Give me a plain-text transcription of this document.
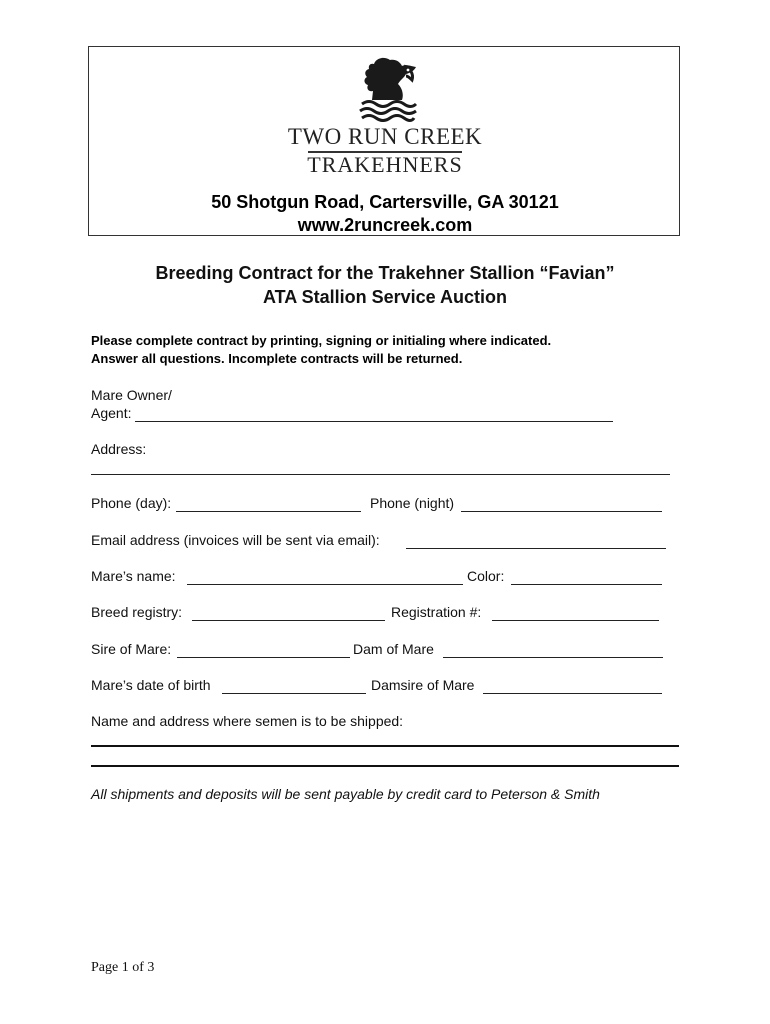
TWO RUN CREEK
TRAKEHNERS
50 Shotgun Road, Cartersville, GA 30121
www.2runcreek.com
Breeding Contract for the Trakehner Stallion “Favian”
ATA Stallion Service Auction
Please complete contract by printing, signing or initialing where indicated.
Answer all questions. Incomplete contracts will be returned.
Mare Owner/
Agent:
Address:
Phone (day):	Phone (night)
Email address (invoices will be sent via email):
Mare’s name:	Color:
Breed registry:	Registration #:
Sire of Mare:	Dam of Mare
Mare’s date of birth	Damsire of Mare
Name and address where semen is to be shipped:
All shipments and deposits will be sent payable by credit card to Peterson & Smith
Page 1 of 3
